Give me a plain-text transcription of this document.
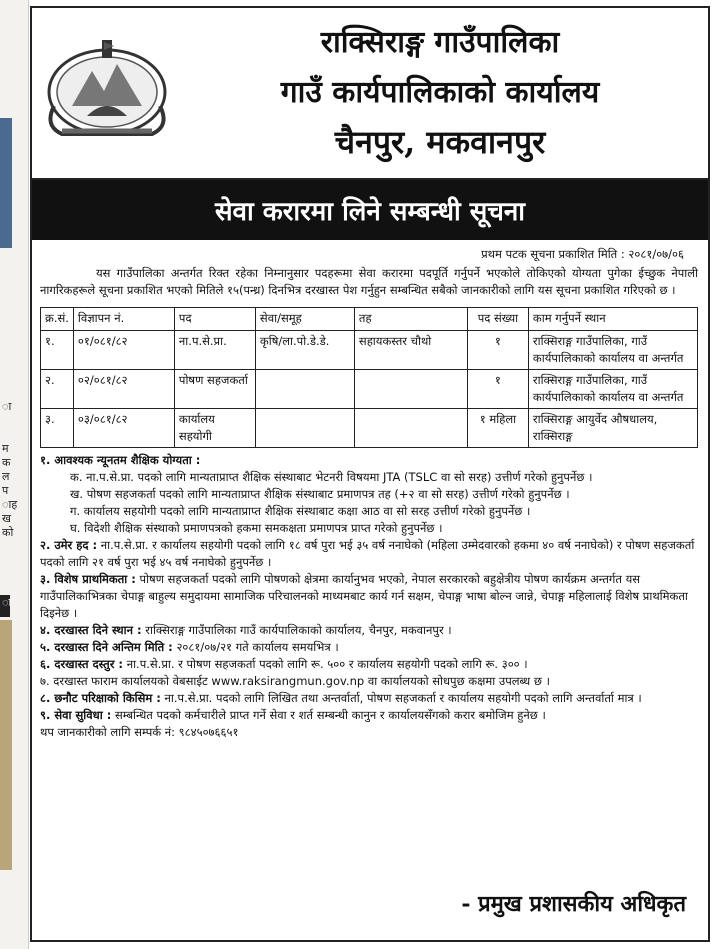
ा

म
क
ल
प
ाह
ख
को
ा
राक्सिराङ्ग गाउँपालिका
गाउँ कार्यपालिकाको कार्यालय
चैनपुर, मकवानपुर
सेवा करारमा लिने सम्बन्धी सूचना
प्रथम पटक सूचना प्रकाशित मिति : २०८१/०७/०६
यस गाउँपालिका अन्तर्गत रिक्त रहेका निम्नानुसार पदहरूमा सेवा करारमा पदपूर्ति गर्नुपर्ने भएकोले तोकिएको योग्यता पुगेका ईच्छुक नेपाली नागरिकहरूले सूचना प्रकाशित भएको मितिले १५(पन्ध्र) दिनभित्र दरखास्त पेश गर्नुहुन सम्बन्धित सबैको जानकारीको लागि यस सूचना प्रकाशित गरिएको छ ।
क्र.सं.	विज्ञापन नं.	पद	सेवा/समूह	तह	पद संख्या	काम गर्नुपर्ने स्थान
१.	०१/०८१/८२	ना.प.से.प्रा.	कृषि/ला.पो.डे.डे.	सहायकस्तर चौथो	१	राक्सिराङ्ग गाउँपालिका, गाउँ कार्यपालिकाको कार्यालय वा अन्तर्गत
२.	०२/०८१/८२	पोषण सहजकर्ता			१	राक्सिराङ्ग गाउँपालिका, गाउँ कार्यपालिकाको कार्यालय वा अन्तर्गत
३.	०३/०८१/८२	कार्यालय सहयोगी			१ महिला	राक्सिराङ्ग आयुर्वेद औषधालय, राक्सिराङ्ग

१. आवश्यक न्यूनतम शैक्षिक योग्यता :

क. ना.प.से.प्रा. पदको लागि मान्यताप्राप्त शैक्षिक संस्थाबाट भेटनरी विषयमा JTA (TSLC वा सो सरह) उत्तीर्ण गरेको हुनुपर्नेछ ।

ख. पोषण सहजकर्ता पदको लागि मान्यताप्राप्त शैक्षिक संस्थाबाट प्रमाणपत्र तह (+२ वा सो सरह) उत्तीर्ण गरेको हुनुपर्नेछ ।

ग. कार्यालय सहयोगी पदको लागि मान्यताप्राप्त शैक्षिक संस्थाबाट कक्षा आठ वा सो सरह उत्तीर्ण गरेको हुनुपर्नेछ ।

घ. विदेशी शैक्षिक संस्थाको प्रमाणपत्रको हकमा समकक्षता प्रमाणपत्र प्राप्त गरेको हुनुपर्नेछ ।

२. उमेर हद : ना.प.से.प्रा. र कार्यालय सहयोगी पदको लागि १८ वर्ष पुरा भई ३५ वर्ष ननाघेको (महिला उम्मेदवारको हकमा ४० वर्ष ननाघेको) र पोषण सहजकर्ता पदको लागि २१ वर्ष पुरा भई ४५ वर्ष ननाघेको हुनुपर्नेछ ।

३. विशेष प्राथमिकता : पोषण सहजकर्ता पदको लागि पोषणको क्षेत्रमा कार्यानुभव भएको, नेपाल सरकारको बहुक्षेत्रीय पोषण कार्यक्रम अन्तर्गत यस गाउँपालिकाभित्रका चेपाङ्ग बाहुल्य समुदायमा सामाजिक परिचालनको माध्यमबाट कार्य गर्न सक्षम, चेपाङ्ग भाषा बोल्न जान्ने, चेपाङ्ग महिलालाई विशेष प्राथमिकता दिइनेछ ।

४. दरखास्त दिने स्थान : राक्सिराङ्ग गाउँपालिका गाउँ कार्यपालिकाको कार्यालय, चैनपुर, मकवानपुर ।

५. दरखास्त दिने अन्तिम मिति : २०८१/०७/२१ गते कार्यालय समयभित्र ।

६. दरखास्त दस्तुर : ना.प.से.प्रा. र पोषण सहजकर्ता पदको लागि रू. ५०० र कार्यालय सहयोगी पदको लागि रू. ३०० ।

७. दरखास्त फाराम कार्यालयको वेबसाईट www.raksirangmun.gov.np वा कार्यालयको सोधपुछ कक्षमा उपलब्ध छ ।

८. छनौट परिक्षाको किसिम : ना.प.से.प्रा. पदको लागि लिखित तथा अन्तर्वार्ता, पोषण सहजकर्ता र कार्यालय सहयोगी पदको लागि अन्तर्वार्ता मात्र ।

९. सेवा सुविधा : सम्बन्धित पदको कर्मचारीले प्राप्त गर्ने सेवा र शर्त सम्बन्धी कानुन र कार्यालयसँगको करार बमोजिम हुनेछ ।

थप जानकारीको लागि सम्पर्क नं: ९८४५०७६६५१

- प्रमुख प्रशासकीय अधिकृत
